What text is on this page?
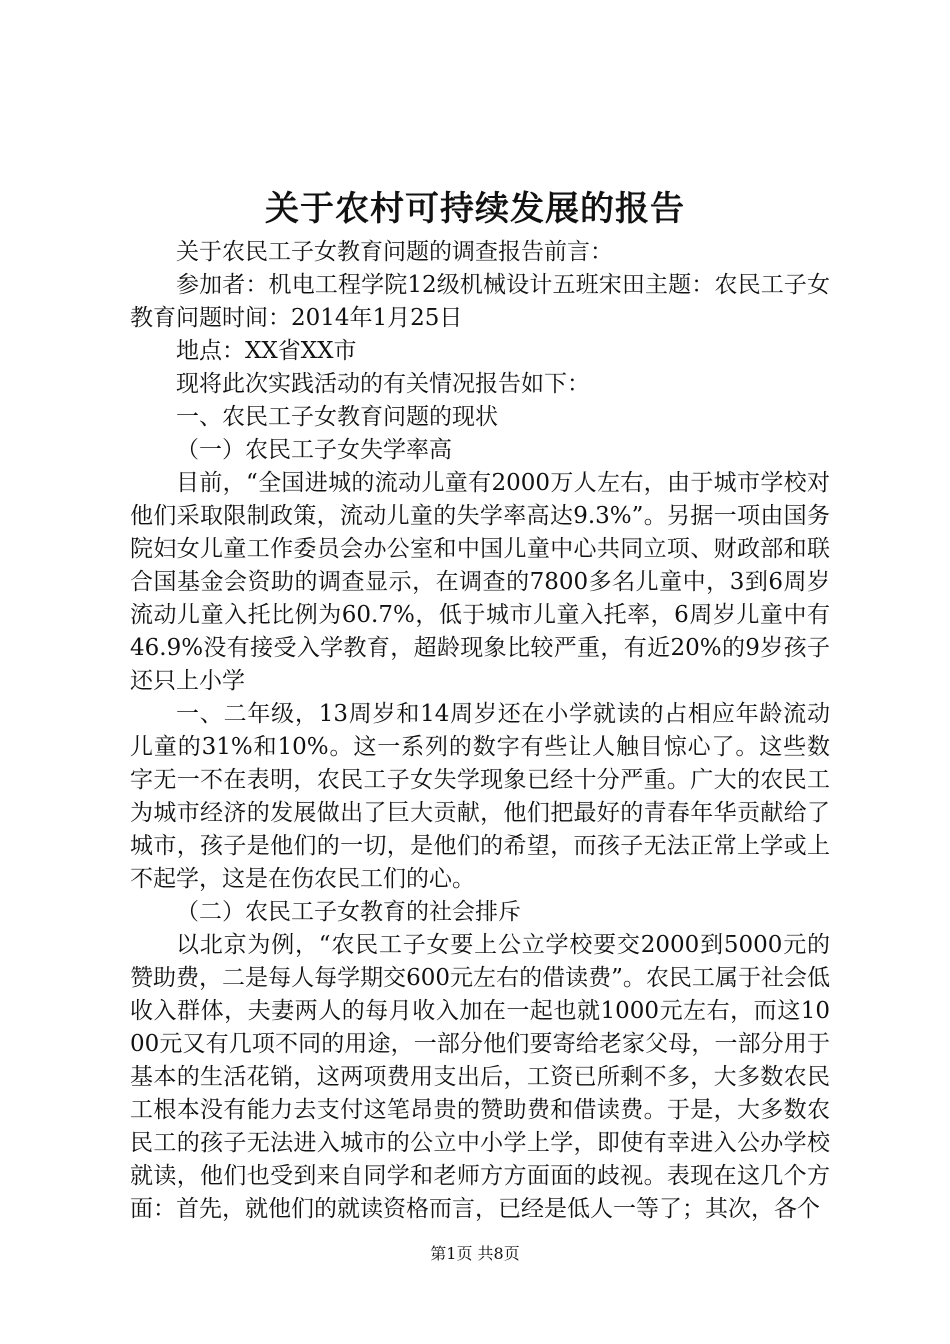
关于农村可持续发展的报告

关于农民工子女教育问题的调查报告前言：

参加者：机电工程学院12级机械设计五班宋田主题：农民工子女教育问题时间：2014年1月25日

地点：XX省XX市

现将此次实践活动的有关情况报告如下：

一、农民工子女教育问题的现状

（一）农民工子女失学率高

目前，“全国进城的流动儿童有2000万人左右，由于城市学校对他们采取限制政策，流动儿童的失学率高达9.3%”。另据一项由国务院妇女儿童工作委员会办公室和中国儿童中心共同立项、财政部和联合国基金会资助的调查显示，在调查的7800多名儿童中，3到6周岁流动儿童入托比例为60.7%，低于城市儿童入托率，6周岁儿童中有46.9%没有接受入学教育，超龄现象比较严重，有近20%的9岁孩子还只上小学

一、二年级，13周岁和14周岁还在小学就读的占相应年龄流动儿童的31%和10%。这一系列的数字有些让人触目惊心了。这些数字无一不在表明，农民工子女失学现象已经十分严重。广大的农民工为城市经济的发展做出了巨大贡献，他们把最好的青春年华贡献给了城市，孩子是他们的一切，是他们的希望，而孩子无法正常上学或上不起学，这是在伤农民工们的心。

（二）农民工子女教育的社会排斥

以北京为例，“农民工子女要上公立学校要交2000到5000元的赞助费，二是每人每学期交600元左右的借读费”。农民工属于社会低收入群体，夫妻两人的每月收入加在一起也就1000元左右，而这1000元又有几项不同的用途，一部分他们要寄给老家父母，一部分用于基本的生活花销，这两项费用支出后，工资已所剩不多，大多数农民工根本没有能力去支付这笔昂贵的赞助费和借读费。于是，大多数农民工的孩子无法进入城市的公立中小学上学，即使有幸进入公办学校就读，他们也受到来自同学和老师方方面面的歧视。表现在这几个方面：首先，就他们的就读资格而言，已经是低人一等了；其次，各个

第1页 共8页
